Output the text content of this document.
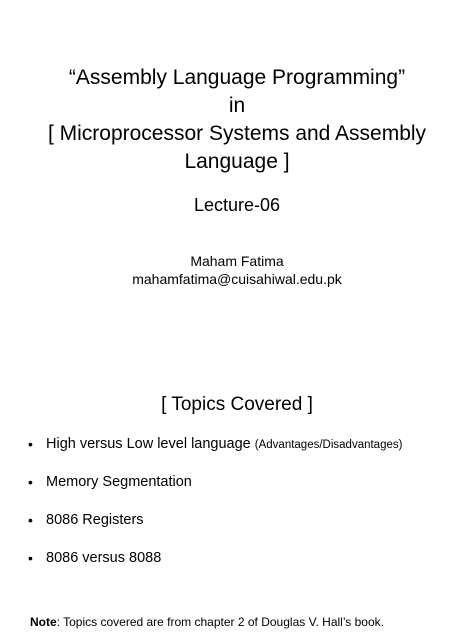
“Assembly Language Programming”
in
[ Microprocessor Systems and Assembly
Language ]
Lecture-06
Maham Fatima
mahamfatima@cuisahiwal.edu.pk
[ Topics Covered ]
• High versus Low level language (Advantages/Disadvantages)
• Memory Segmentation
• 8086 Registers
• 8086 versus 8088
Note: Topics covered are from chapter 2 of Douglas V. Hall’s book.
